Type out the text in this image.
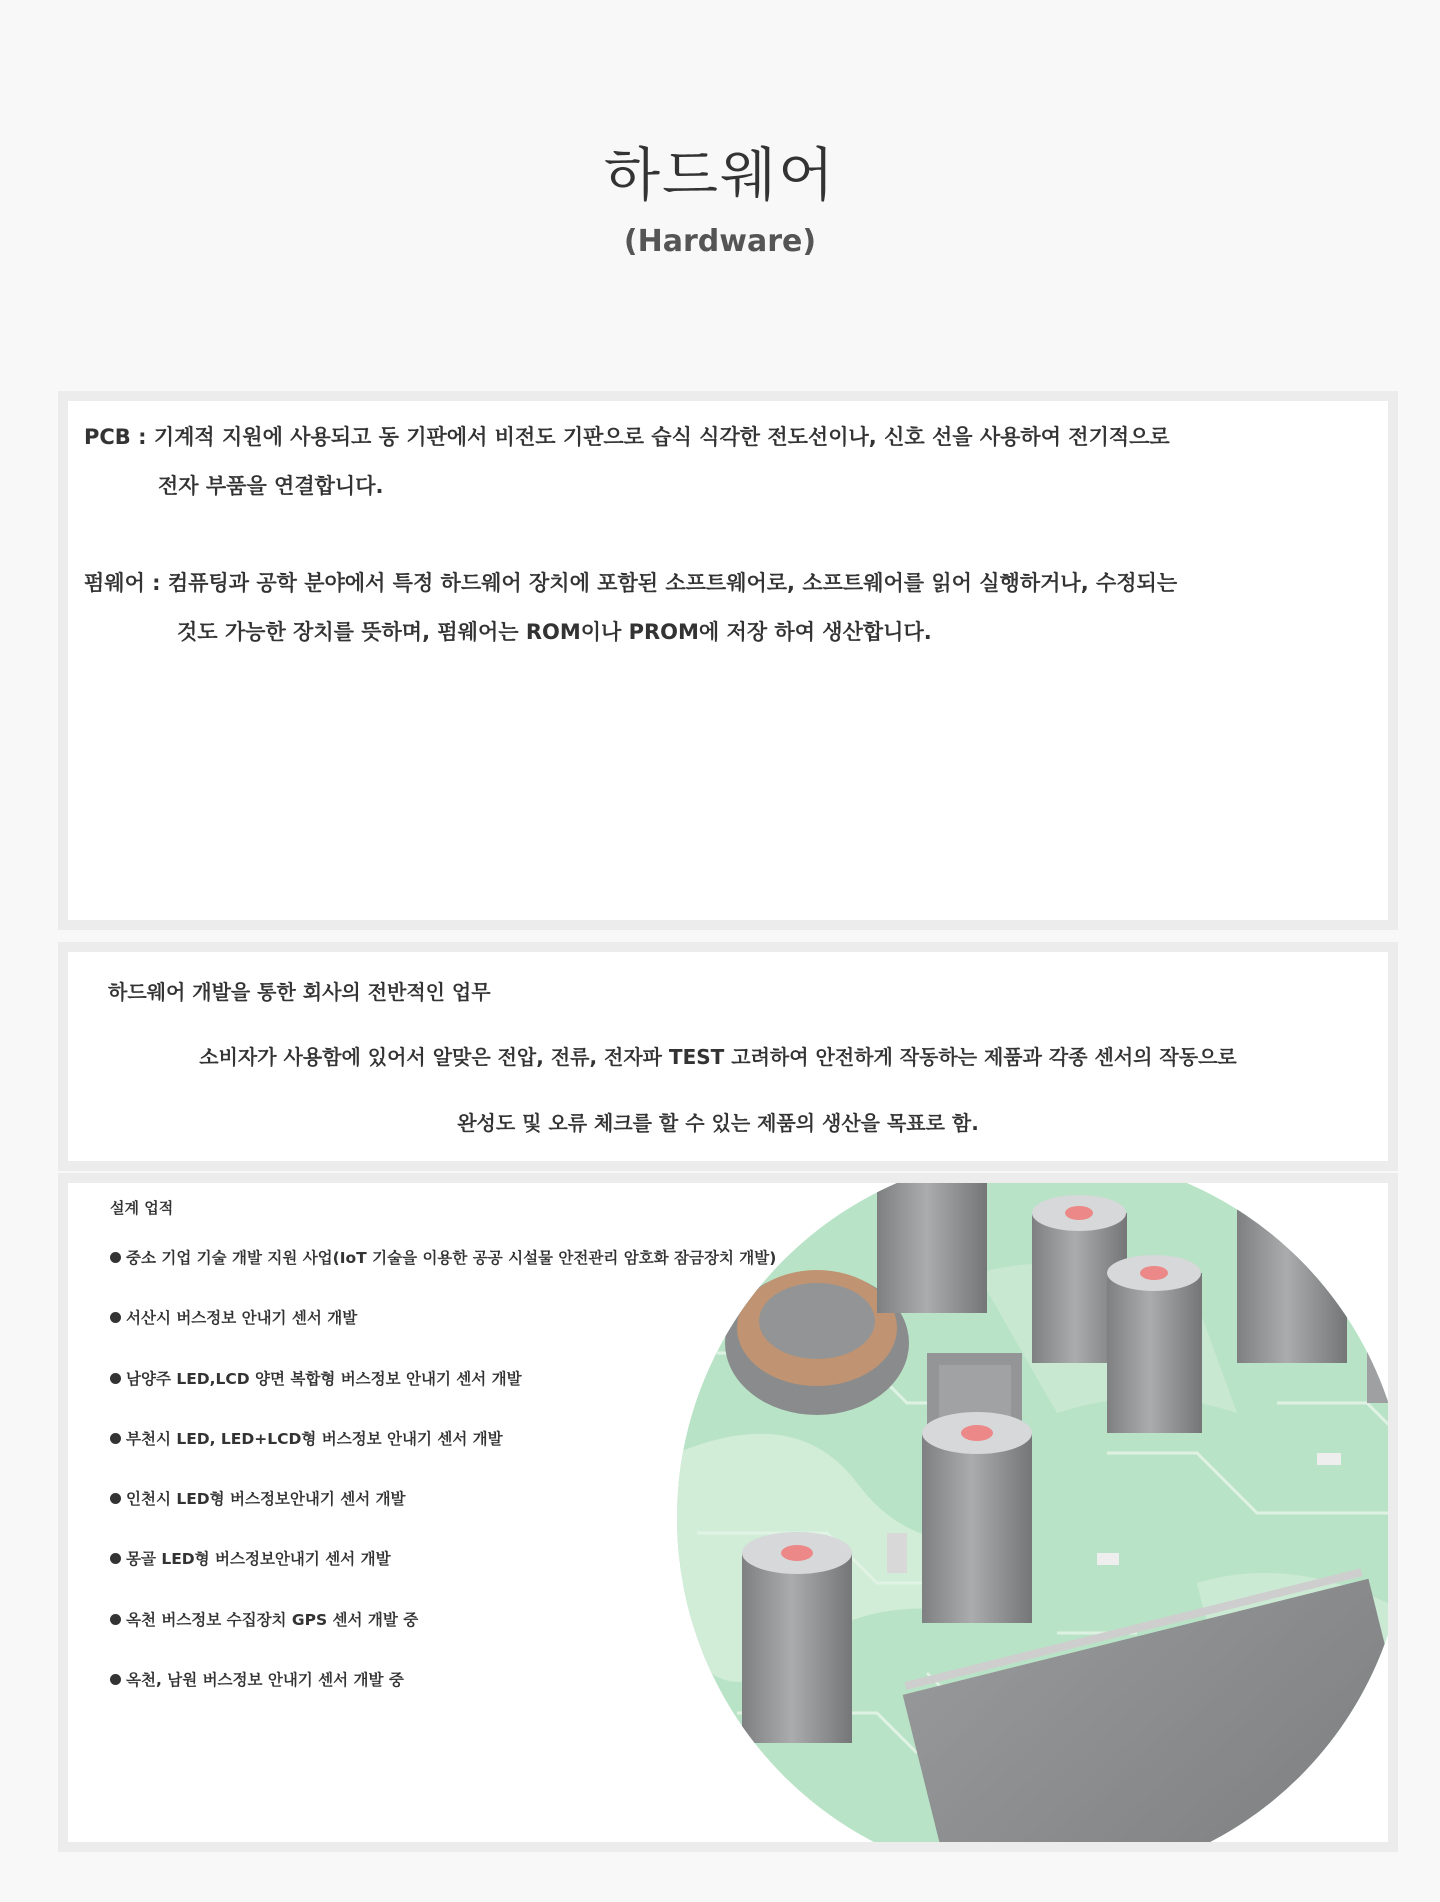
하드웨어
(Hardware)
PCB : 기계적 지원에 사용되고 동 기판에서 비전도 기판으로 습식 식각한 전도선이나, 신호 선을 사용하여 전기적으로
전자 부품을 연결합니다.
펌웨어 : 컴퓨팅과 공학 분야에서 특정 하드웨어 장치에 포함된 소프트웨어로, 소프트웨어를 읽어 실행하거나, 수정되는
것도 가능한 장치를 뜻하며, 펌웨어는 ROM이나 PROM에 저장 하여 생산합니다.
하드웨어 개발을 통한 회사의 전반적인 업무
소비자가 사용함에 있어서 알맞은 전압, 전류, 전자파 TEST 고려하여 안전하게 작동하는 제품과 각종 센서의 작동으로
완성도 및 오류 체크를 할 수 있는 제품의 생산을 목표로 함.
설계 업적
중소 기업 기술 개발 지원 사업(IoT 기술을 이용한 공공 시설물 안전관리 암호화 잠금장치 개발)
서산시 버스정보 안내기 센서 개발
남양주 LED,LCD 양면 복합형 버스정보 안내기 센서 개발
부천시 LED, LED+LCD형 버스정보 안내기 센서 개발
인천시 LED형 버스정보안내기 센서 개발
몽골 LED형 버스정보안내기 센서 개발
옥천 버스정보 수집장치 GPS 센서 개발 중
옥천, 남원 버스정보 안내기 센서 개발 중
